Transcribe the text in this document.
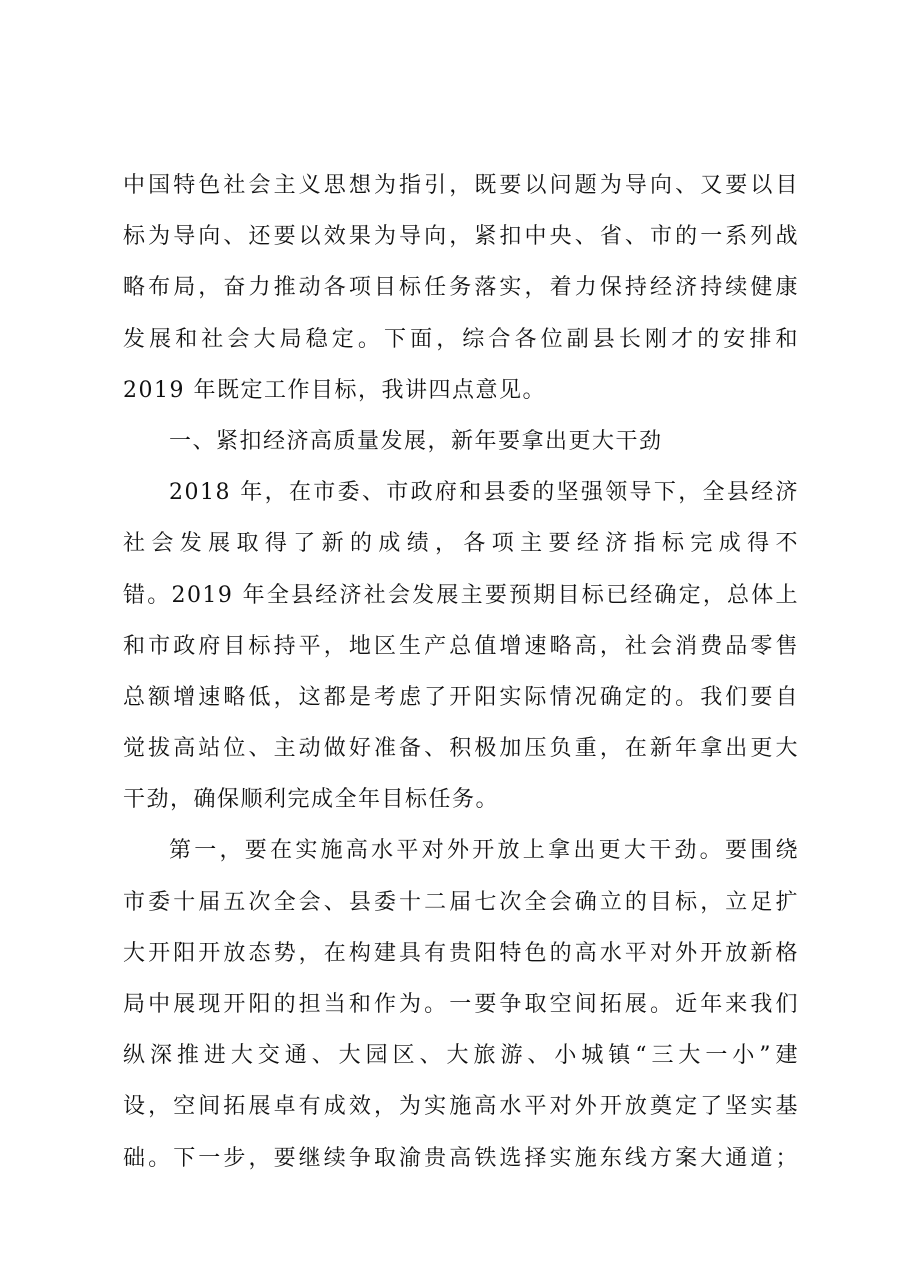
中国特色社会主义思想为指引，既要以问题为导向、又要以目
标为导向、还要以效果为导向，紧扣中央、省、市的一系列战
略布局，奋力推动各项目标任务落实，着力保持经济持续健康
发展和社会大局稳定。下面，综合各位副县长刚才的安排和
2019 年既定工作目标，我讲四点意见。
一、紧扣经济高质量发展，新年要拿出更大干劲
2018 年，在市委、市政府和县委的坚强领导下，全县经济
社会发展取得了新的成绩，各项主要经济指标完成得不
错。2019 年全县经济社会发展主要预期目标已经确定，总体上
和市政府目标持平，地区生产总值增速略高，社会消费品零售
总额增速略低，这都是考虑了开阳实际情况确定的。我们要自
觉拔高站位、主动做好准备、积极加压负重，在新年拿出更大
干劲，确保顺利完成全年目标任务。
第一，要在实施高水平对外开放上拿出更大干劲。要围绕
市委十届五次全会、县委十二届七次全会确立的目标，立足扩
大开阳开放态势，在构建具有贵阳特色的高水平对外开放新格
局中展现开阳的担当和作为。一要争取空间拓展。近年来我们
纵深推进大交通、大园区、大旅游、小城镇“三大一小”建
设，空间拓展卓有成效，为实施高水平对外开放奠定了坚实基
础。下一步，要继续争取渝贵高铁选择实施东线方案大通道；
